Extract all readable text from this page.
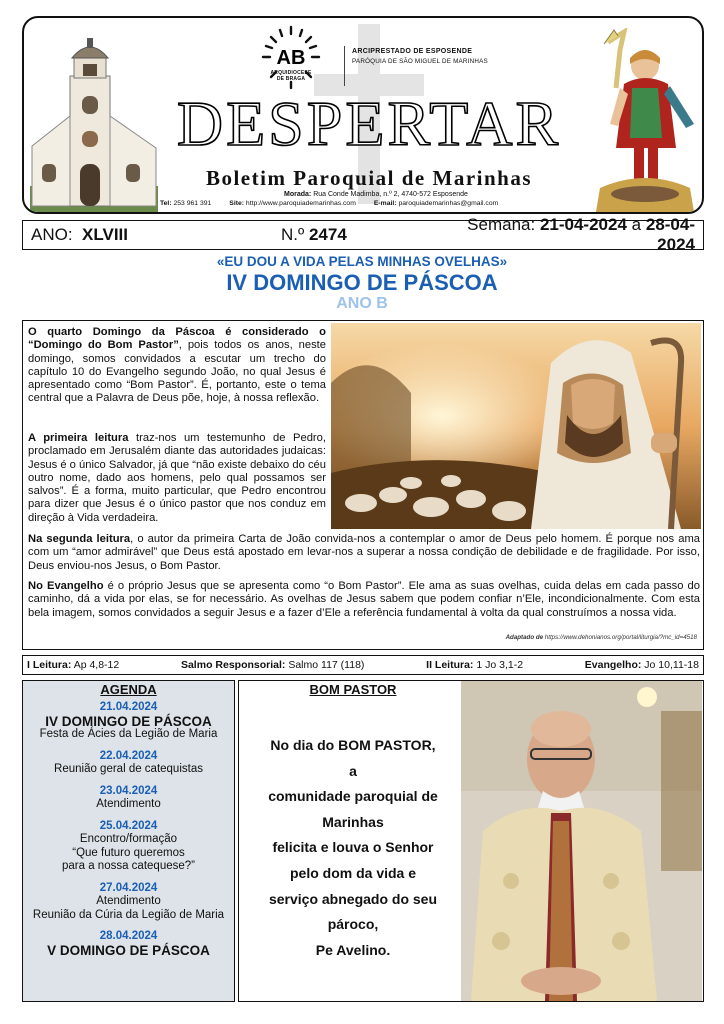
AB
ARQUIDIOCESE
DE BRAGA
ARCIPRESTADO DE ESPOSENDE
PARÓQUIA DE SÃO MIGUEL DE MARINHAS
DESPERTAR
Boletim Paroquial de Marinhas
Morada: Rua Conde Madimba, n.º 2, 4740-572 Esposende
Tel: 253 961 391	Site: http://www.paroquiademarinhas.com	E-mail: paroquiademarinhas@gmail.com
ANO: XLVIII	N.º 2474
Semana: 21-04-2024 a 28-04-2024
«EU DOU A VIDA PELAS MINHAS OVELHAS»
IV DOMINGO DE PÁSCOA
ANO B
O quarto Domingo da Páscoa é considerado o “Domingo do Bom Pastor”, pois todos os anos, neste domingo, somos convidados a escutar um trecho do capítulo 10 do Evangelho segundo João, no qual Jesus é apresentado como “Bom Pastor”. É, portanto, este o tema central que a Palavra de Deus põe, hoje, à nossa reflexão.
A primeira leitura traz-nos um testemunho de Pedro, proclamado em Jerusalém diante das autoridades judaicas: Jesus é o único Salvador, já que “não existe debaixo do céu outro nome, dado aos homens, pelo qual possamos ser salvos”. É a forma, muito particular, que Pedro encontrou para dizer que Jesus é o único pastor que nos conduz em direção à Vida verdadeira.
Na segunda leitura, o autor da primeira Carta de João convida-nos a contemplar o amor de Deus pelo homem. É porque nos ama com um “amor admirável” que Deus está apostado em levar-nos a superar a nossa condição de debilidade e de fragilidade. Por isso, Deus enviou-nos Jesus, o Bom Pastor.
No Evangelho é o próprio Jesus que se apresenta como “o Bom Pastor”. Ele ama as suas ovelhas, cuida delas em cada passo do caminho, dá a vida por elas, se for necessário. As ovelhas de Jesus sabem que podem confiar n’Ele, incondicionalmente. Com esta bela imagem, somos convidados a seguir Jesus e a fazer d’Ele a referência fundamental à volta da qual construímos a nossa vida.
Adaptado de https://www.dehonianos.org/portal/liturgia/?mc_id=4518
I Leitura: Ap 4,8-12	Salmo Responsorial: Salmo 117 (118)	II Leitura: 1 Jo 3,1-2	Evangelho: Jo 10,11-18
AGENDA
21.04.2024
IV DOMINGO DE PÁSCOA
Festa de Ácies da Legião de Maria
22.04.2024
Reunião geral de catequistas
23.04.2024
Atendimento
25.04.2024
Encontro/formação
“Que futuro queremos
para a nossa catequese?”
27.04.2024
Atendimento
Reunião da Cúria da Legião de Maria
28.04.2024
V DOMINGO DE PÁSCOA
BOM PASTOR
No dia do BOM PASTOR,
a
comunidade paroquial de
Marinhas
felicita e louva o Senhor
pelo dom da vida e
serviço abnegado do seu
pároco,
Pe Avelino.
